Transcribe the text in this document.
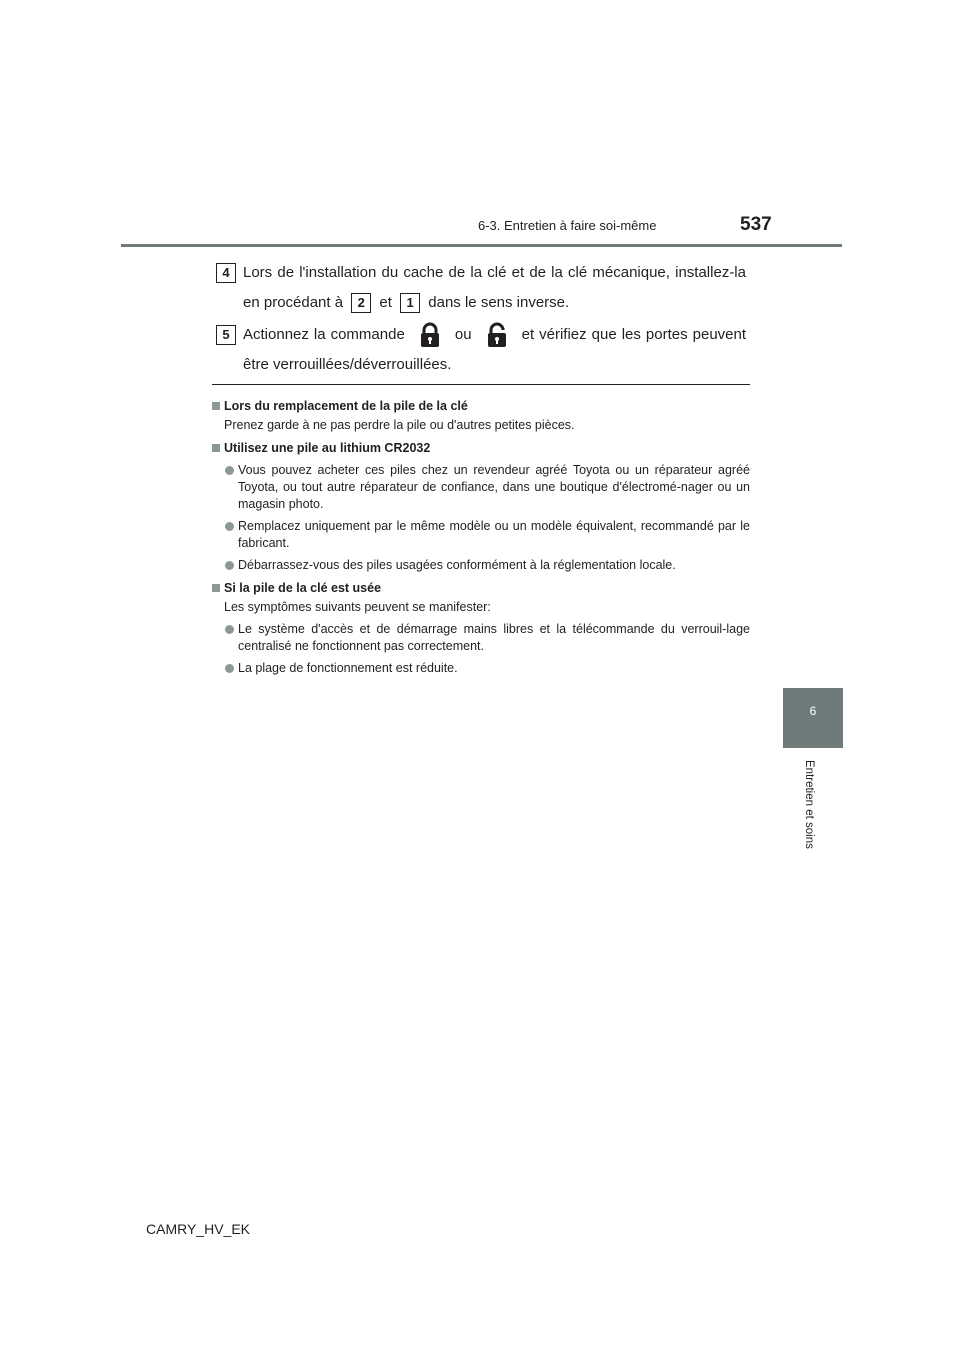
6-3. Entretien à faire soi-même	537
6
Entretien et soins
4 Lors de l'installation du cache de la clé et de la clé mécanique, installez-la en procédant à 2 et 1 dans le sens inverse.
5 Actionnez la commande	ou	et vérifiez que les portes peuvent être verrouillées/déverrouillées.
Lors du remplacement de la pile de la clé
Prenez garde à ne pas perdre la pile ou d'autres petites pièces.
Utilisez une pile au lithium CR2032
Vous pouvez acheter ces piles chez un revendeur agréé Toyota ou un réparateur agréé Toyota, ou tout autre réparateur de confiance, dans une boutique d'électromé-nager ou un magasin photo.
Remplacez uniquement par le même modèle ou un modèle équivalent, recommandé par le fabricant.
Débarrassez-vous des piles usagées conformément à la réglementation locale.
Si la pile de la clé est usée
Les symptômes suivants peuvent se manifester:
Le système d'accès et de démarrage mains libres et la télécommande du verrouil-lage centralisé ne fonctionnent pas correctement.
La plage de fonctionnement est réduite.
CAMRY_HV_EK
